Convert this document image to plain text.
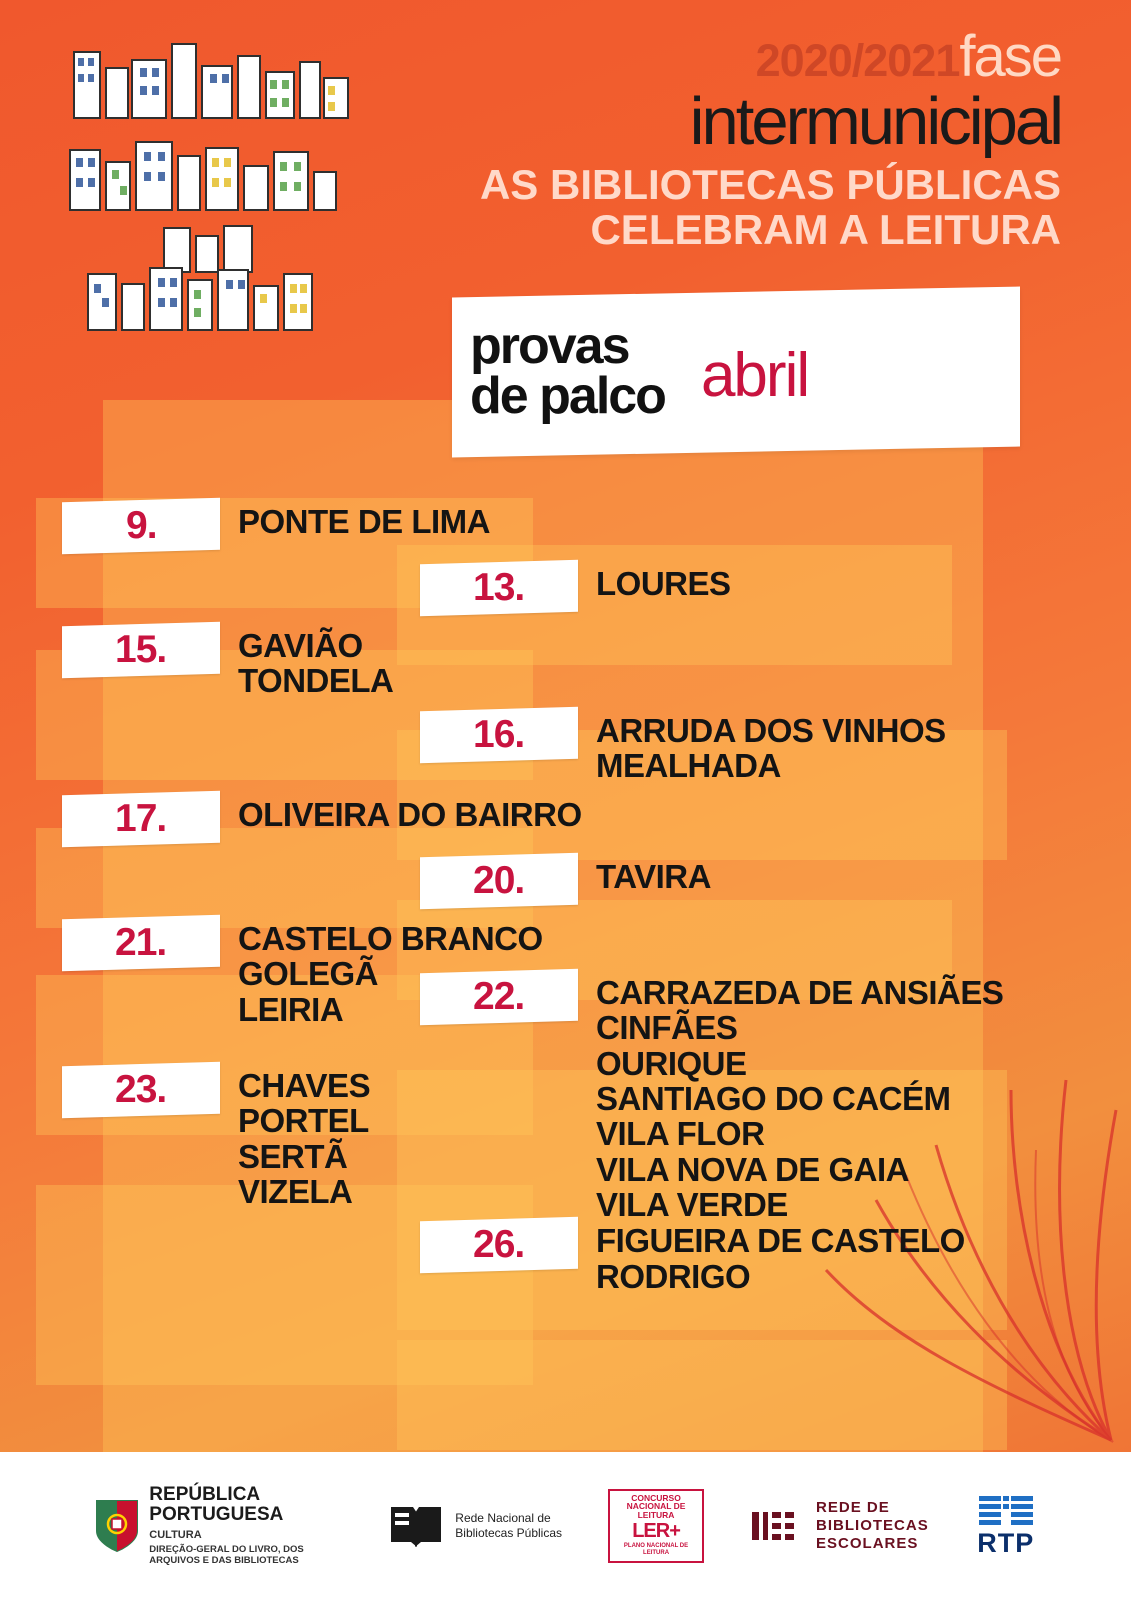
2020/2021fase
intermunicipal
AS BIBLIOTECAS PÚBLICAS
CELEBRAM A LEITURA
provas
de palco abril
9. PONTE DE LIMA
13. LOURES
15. GAVIÃO
TONDELA
16. ARRUDA DOS VINHOS
MEALHADA
17. OLIVEIRA DO BAIRRO
20. TAVIRA
21. CASTELO BRANCO
GOLEGÃ
LEIRIA	22. CARRAZEDA DE ANSIÃES
CINFÃES
OURIQUE
SANTIAGO DO CACÉM
VILA FLOR
VILA NOVA DE GAIA
VILA VERDE
23. CHAVES
PORTEL
SERTÃ
VIZELA
26. FIGUEIRA DE CASTELO
RODRIGO
REPÚBLICA
PORTUGUESA
CULTURA
DIREÇÃO-GERAL DO LIVRO, DOS ARQUIVOS E DAS BIBLIOTECAS
Rede Nacional de
Bibliotecas Públicas
CONCURSO NACIONAL DE LEITURA
LER+
PLANO NACIONAL DE LEITURA
REDE DE
BIBLIOTECAS
ESCOLARES	RTP
